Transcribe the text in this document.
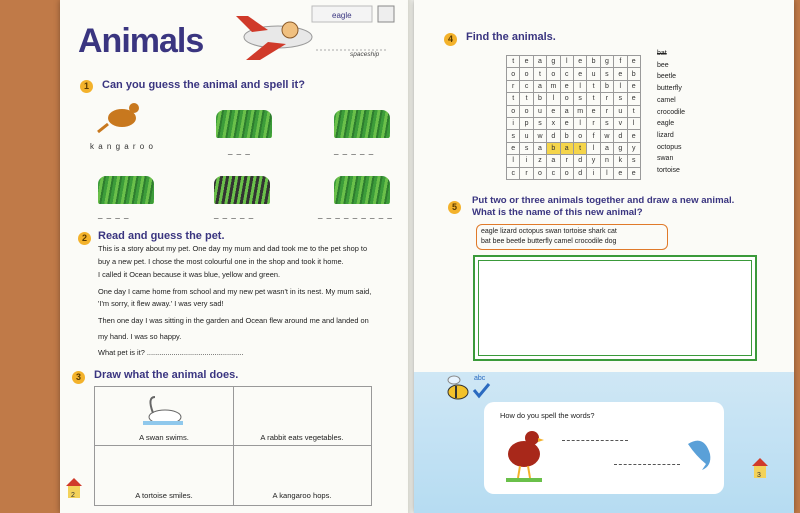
Animals
eagle
spaceship
1	Can you guess the animal and spell it?
k a n g a r o o	_ _ _	_ _ _ _ _
_ _ _ _	_ _ _ _ _	_ _ _ _ _ _ _ _ _
2	Read and guess the pet.

This is a story about my pet. One day my mum and dad took me to the pet shop to

buy a new pet. I chose the most colourful one in the shop and took it home.

I called it Ocean because it was blue, yellow and green.

One day I came home from school and my new pet wasn't in its nest. My mum said,

'I'm sorry, it flew away.' I was very sad!

Then one day I was sitting in the garden and Ocean flew around me and landed on

my hand. I was so happy.

What pet is it? ...............................................

3	Draw what the animal does.
A swan swims.	A rabbit eats vegetables.
A tortoise smiles.	A kangaroo hops.
2
4	Find the animals.
t	e	a	g	l	e	b	g	f	e
o	o	t	o	c	e	u	s	e	b
r	c	a	m	e	l	t	b	l	e
t	t	b	l	o	s	t	r	s	e
o	o	u	e	a	m	e	r	u	t
i	p	s	x	e	l	r	s	v	l
s	u	w	d	b	o	f	w	d	e
e	s	a	b	a	t	l	a	g	y
l	i	z	a	r	d	y	n	k	s
c	r	o	c	o	d	i	l	e	e
bat
bee
beetle
butterfly
camel
crocodile
eagle
lizard
octopus
swan
tortoise
5
Put two or three animals together and draw a new animal.
What is the name of this new animal?
eagle lizard octopus swan tortoise shark cat
bat bee beetle butterfly camel crocodile dog
abc
How do you spell the words?
3
